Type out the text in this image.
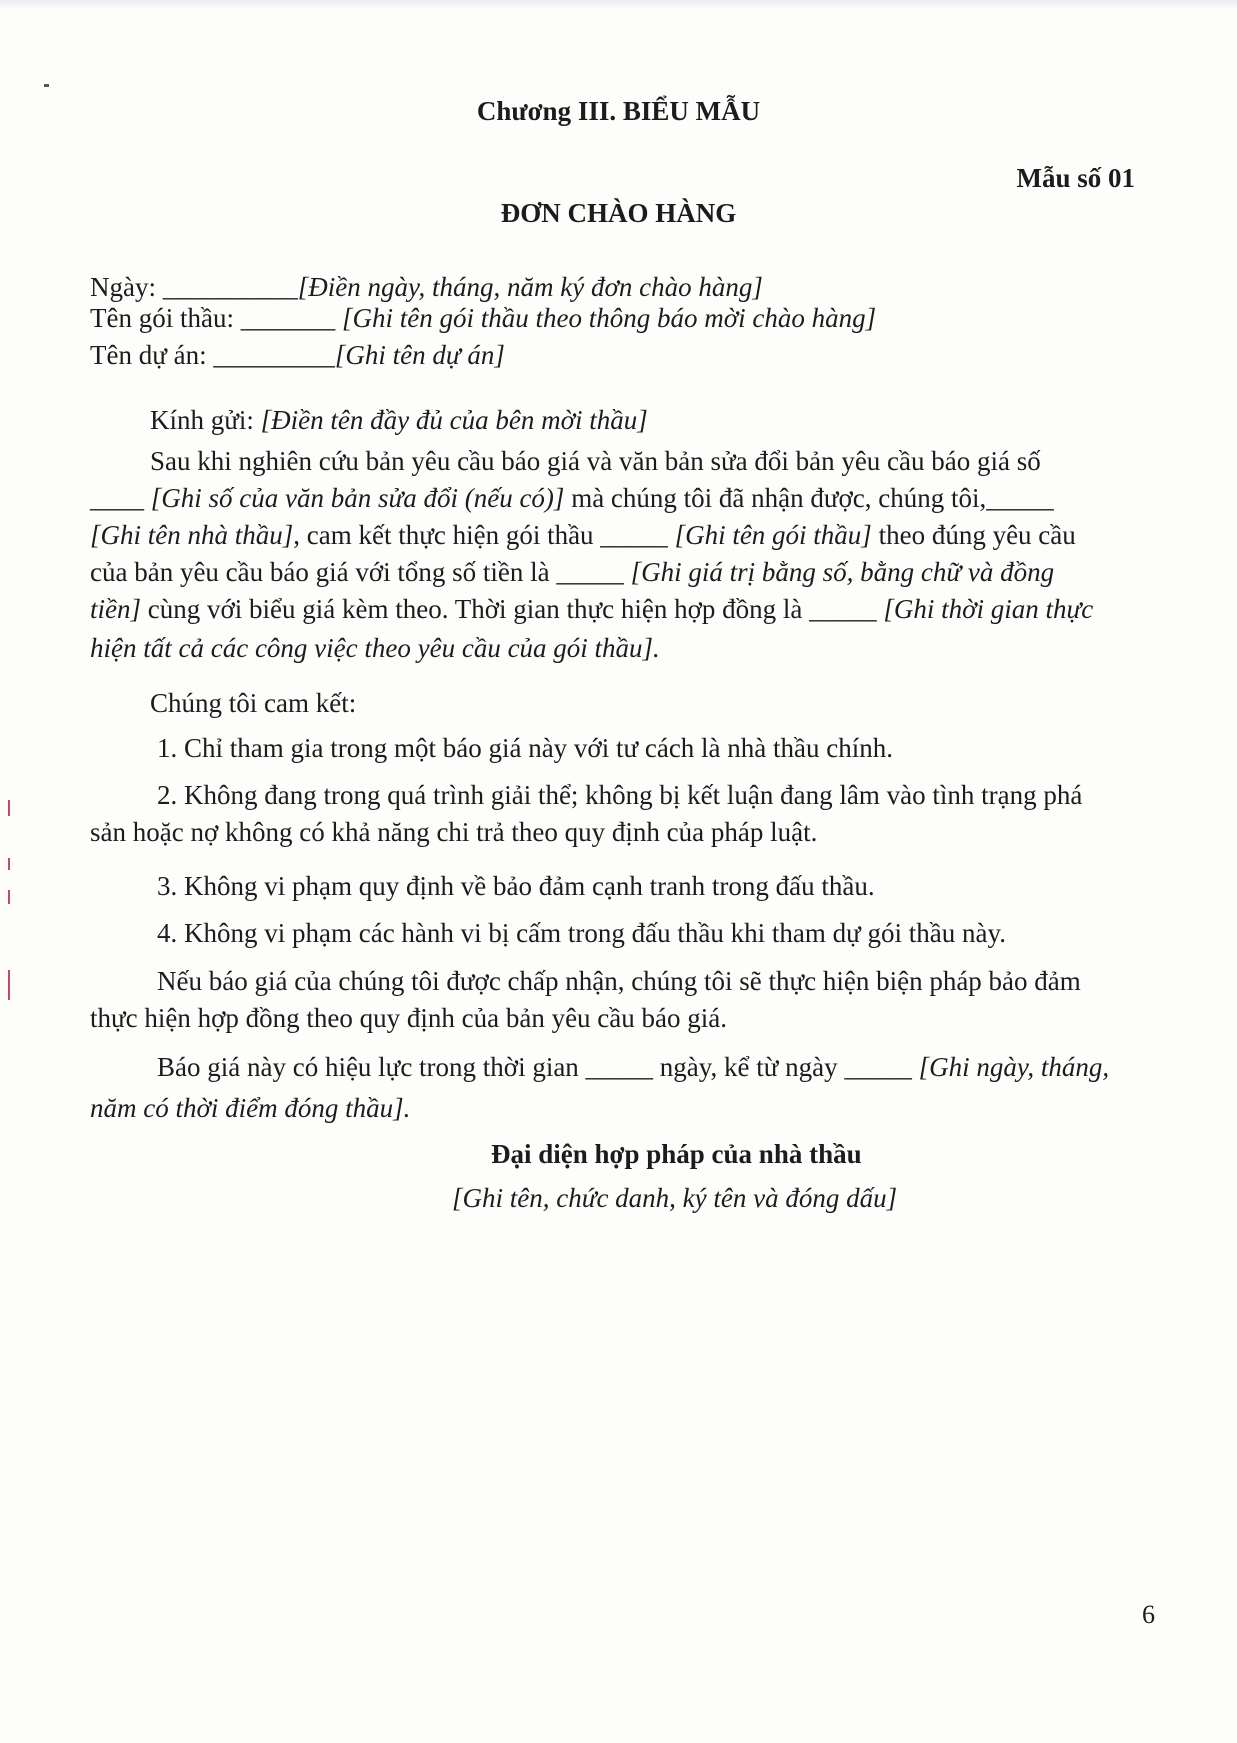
Chương III. BIỂU MẪU
Mẫu số 01
ĐƠN CHÀO HÀNG
Ngày: __________[Điền ngày, tháng, năm ký đơn chào hàng]
Tên gói thầu: _______ [Ghi tên gói thầu theo thông báo mời chào hàng]
Tên dự án: _________[Ghi tên dự án]
Kính gửi: [Điền tên đầy đủ của bên mời thầu]
Sau khi nghiên cứu bản yêu cầu báo giá và văn bản sửa đổi bản yêu cầu báo giá số
____ [Ghi số của văn bản sửa đổi (nếu có)] mà chúng tôi đã nhận được, chúng tôi,_____
[Ghi tên nhà thầu], cam kết thực hiện gói thầu _____ [Ghi tên gói thầu] theo đúng yêu cầu
của bản yêu cầu báo giá với tổng số tiền là _____ [Ghi giá trị bằng số, bằng chữ và đồng
tiền] cùng với biểu giá kèm theo. Thời gian thực hiện hợp đồng là _____ [Ghi thời gian thực
hiện tất cả các công việc theo yêu cầu của gói thầu].
Chúng tôi cam kết:
1. Chỉ tham gia trong một báo giá này với tư cách là nhà thầu chính.
2. Không đang trong quá trình giải thể; không bị kết luận đang lâm vào tình trạng phá
sản hoặc nợ không có khả năng chi trả theo quy định của pháp luật.
3. Không vi phạm quy định về bảo đảm cạnh tranh trong đấu thầu.
4. Không vi phạm các hành vi bị cấm trong đấu thầu khi tham dự gói thầu này.
Nếu báo giá của chúng tôi được chấp nhận, chúng tôi sẽ thực hiện biện pháp bảo đảm
thực hiện hợp đồng theo quy định của bản yêu cầu báo giá.
Báo giá này có hiệu lực trong thời gian _____ ngày, kể từ ngày _____ [Ghi ngày, tháng,
năm có thời điểm đóng thầu].
Đại diện hợp pháp của nhà thầu
[Ghi tên, chức danh, ký tên và đóng dấu]
6
